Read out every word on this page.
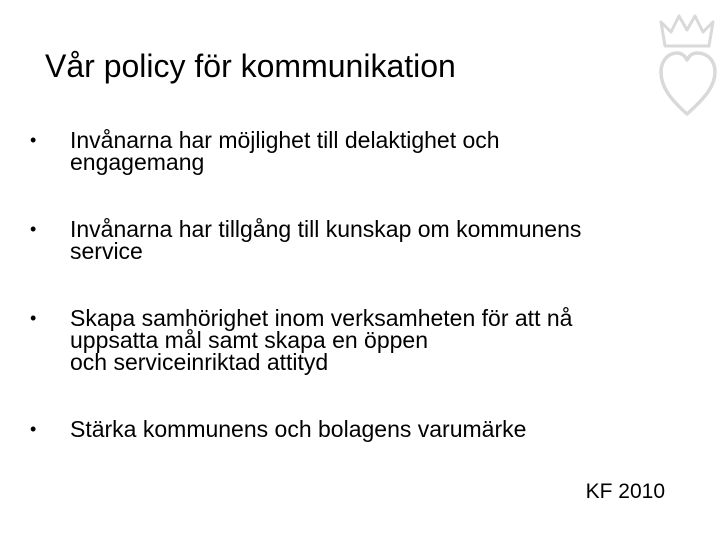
Vår policy för kommunikation
•	Invånarna har möjlighet till delaktighet och
engagemang
•	Invånarna har tillgång till kunskap om kommunens
service
•	Skapa samhörighet inom verksamheten för att nå
uppsatta mål samt skapa en öppen
och serviceinriktad attityd
•	Stärka kommunens och bolagens varumärke
KF 2010
